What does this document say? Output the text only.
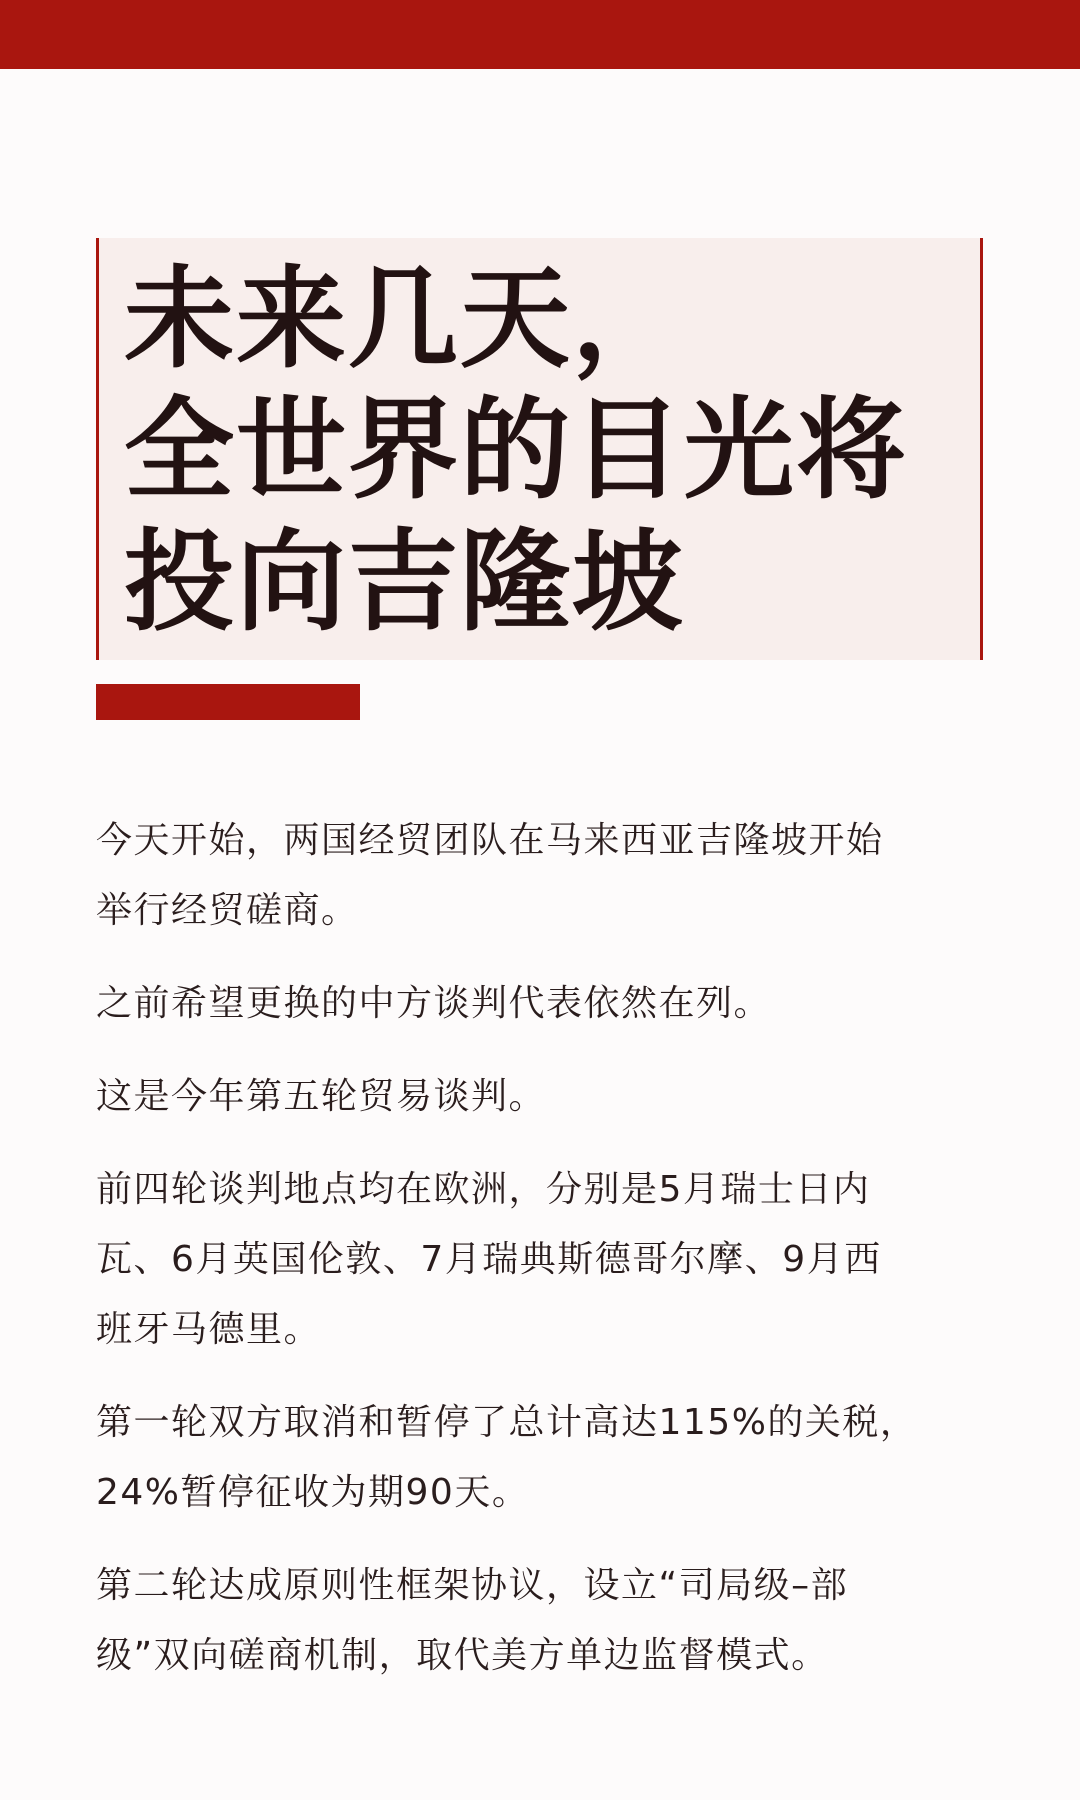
未来几天，
全世界的目光将
投向吉隆坡

今天开始，两国经贸团队在马来西亚吉隆坡开始
举行经贸磋商。

之前希望更换的中方谈判代表依然在列。

这是今年第五轮贸易谈判。

前四轮谈判地点均在欧洲，分别是5月瑞士日内
瓦、6月英国伦敦、7月瑞典斯德哥尔摩、9月西
班牙马德里。

第一轮双方取消和暂停了总计高达115%的关税，
24%暂停征收为期90天。

第二轮达成原则性框架协议，设立“司局级–部
级”双向磋商机制，取代美方单边监督模式。
